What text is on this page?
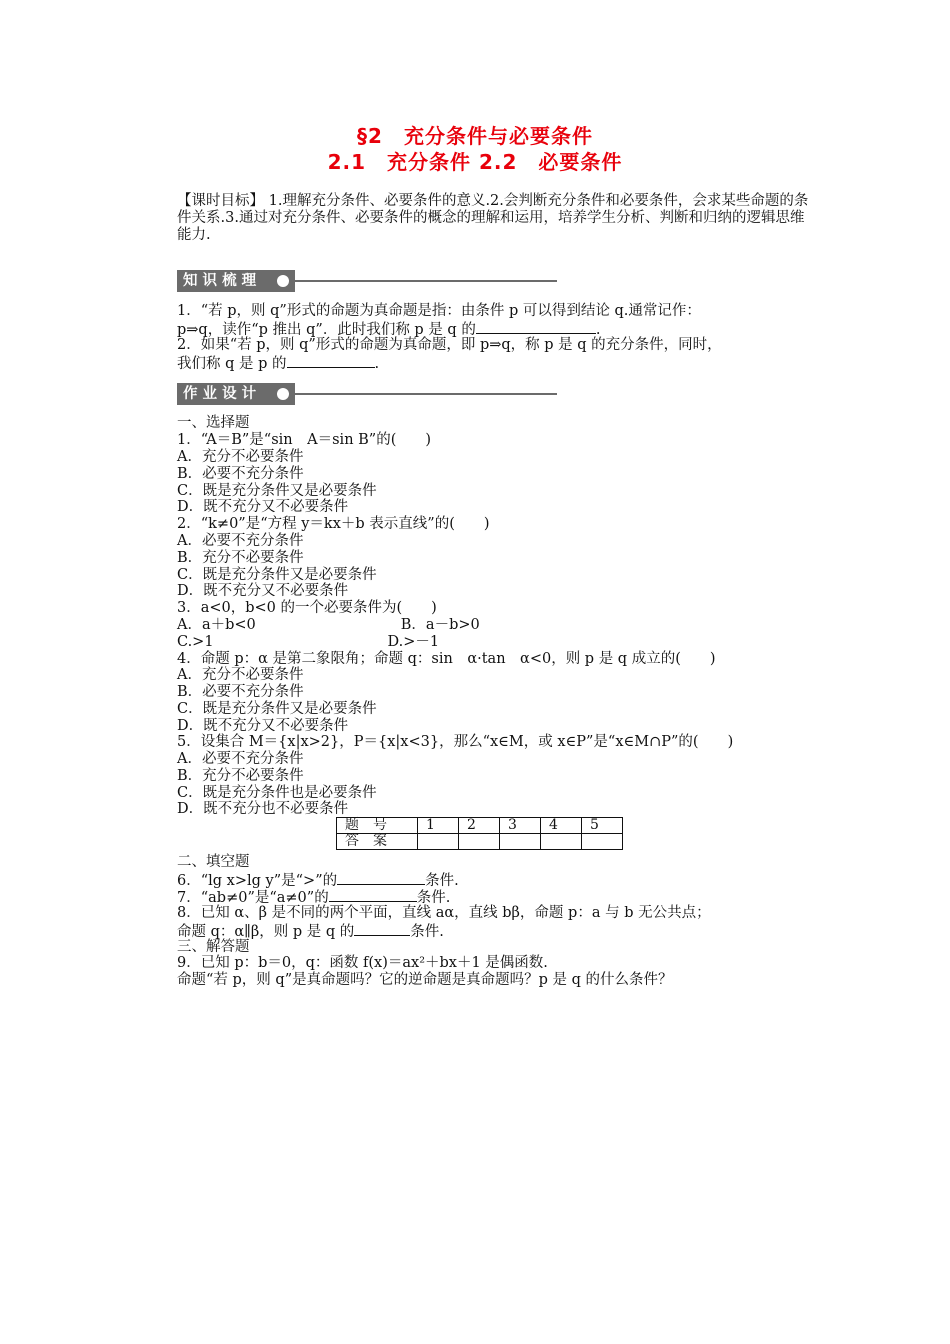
§2　充分条件与必要条件
2.1　充分条件 2.2　必要条件
【课时目标】 1.理解充分条件、必要条件的意义.2.会判断充分条件和必要条件，会求某些命题的条件关系.3.通过对充分条件、必要条件的概念的理解和运用，培养学生分析、判断和归纳的逻辑思维能力.
知 识 梳 理
1．“若 p，则 q”形式的命题为真命题是指：由条件 p 可以得到结论 q.通常记作：
p⇒q，读作“p 推出 q”．此时我们称 p 是 q 的	.
2．如果“若 p，则 q”形式的命题为真命题，即 p⇒q，称 p 是 q 的充分条件，同时，
我们称 q 是 p 的	.
作 业 设 计
一、选择题
1．“A＝B”是“sin　A＝sin B”的(　　)
A．充分不必要条件
B．必要不充分条件
C．既是充分条件又是必要条件
D．既不充分又不必要条件
2．“k≠0”是“方程 y＝kx＋b 表示直线”的(　　)
A．必要不充分条件
B．充分不必要条件
C．既是充分条件又是必要条件
D．既不充分又不必要条件
3．a<0，b<0 的一个必要条件为(　　)
A．a＋b<0　　　　　　　　　　B．a－b>0
C.>1　　　　　　　　　　　　D.>－1
4．命题 p：α 是第二象限角；命题 q：sin　α·tan　α<0，则 p 是 q 成立的(　　)
A．充分不必要条件
B．必要不充分条件
C．既是充分条件又是必要条件
D．既不充分又不必要条件
5．设集合 M＝{x|x>2}，P＝{x|x<3}，那么“x∈M，或 x∈P”是“x∈M∩P”的(　　)
A．必要不充分条件
B．充分不必要条件
C．既是充分条件也是必要条件
D．既不充分也不必要条件
题　号	1	2	3	4	5
答　案					
二、填空题
6．“lg x>lg y”是“>”的	条件.
7．“ab≠0”是“a≠0”的	条件.
8．已知 α、β 是不同的两个平面，直线 aα，直线 bβ，命题 p：a 与 b 无公共点；
命题 q：α∥β，则 p 是 q 的	条件.
三、解答题
9．已知 p：b＝0，q：函数 f(x)＝ax²＋bx＋1 是偶函数.
命题“若 p，则 q”是真命题吗？它的逆命题是真命题吗？p 是 q 的什么条件？
